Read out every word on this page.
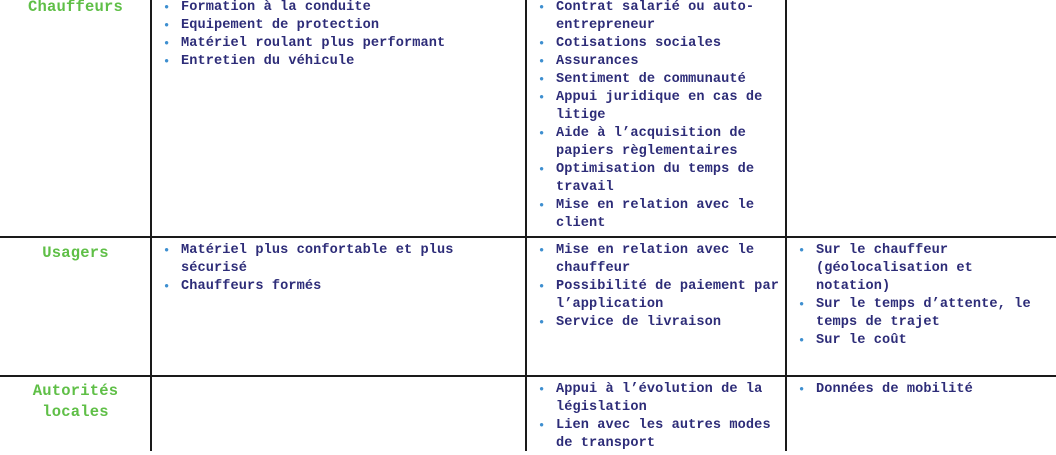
Chauffeurs	• Formation à la conduite
• Equipement de protection
• Matériel roulant plus performant
• Entretien du véhicule
• Contrat salarié ou auto-entrepreneur
• Cotisations sociales
• Assurances
• Sentiment de communauté
• Appui juridique en cas de litige
• Aide à l’acquisition de papiers règlementaires
• Optimisation du temps de travail
• Mise en relation avec le client
Usagers	• Matériel plus confortable et plus sécurisé
• Chauffeurs formés
• Mise en relation avec le chauffeur
• Possibilité de paiement par l’application
• Service de livraison
• Sur le chauffeur (géolocalisation et notation)
• Sur le temps d’attente, le temps de trajet
• Sur le coût
Autorités
locales
• Appui à l’évolution de la législation
• Lien avec les autres modes de transport
• Données de mobilité
